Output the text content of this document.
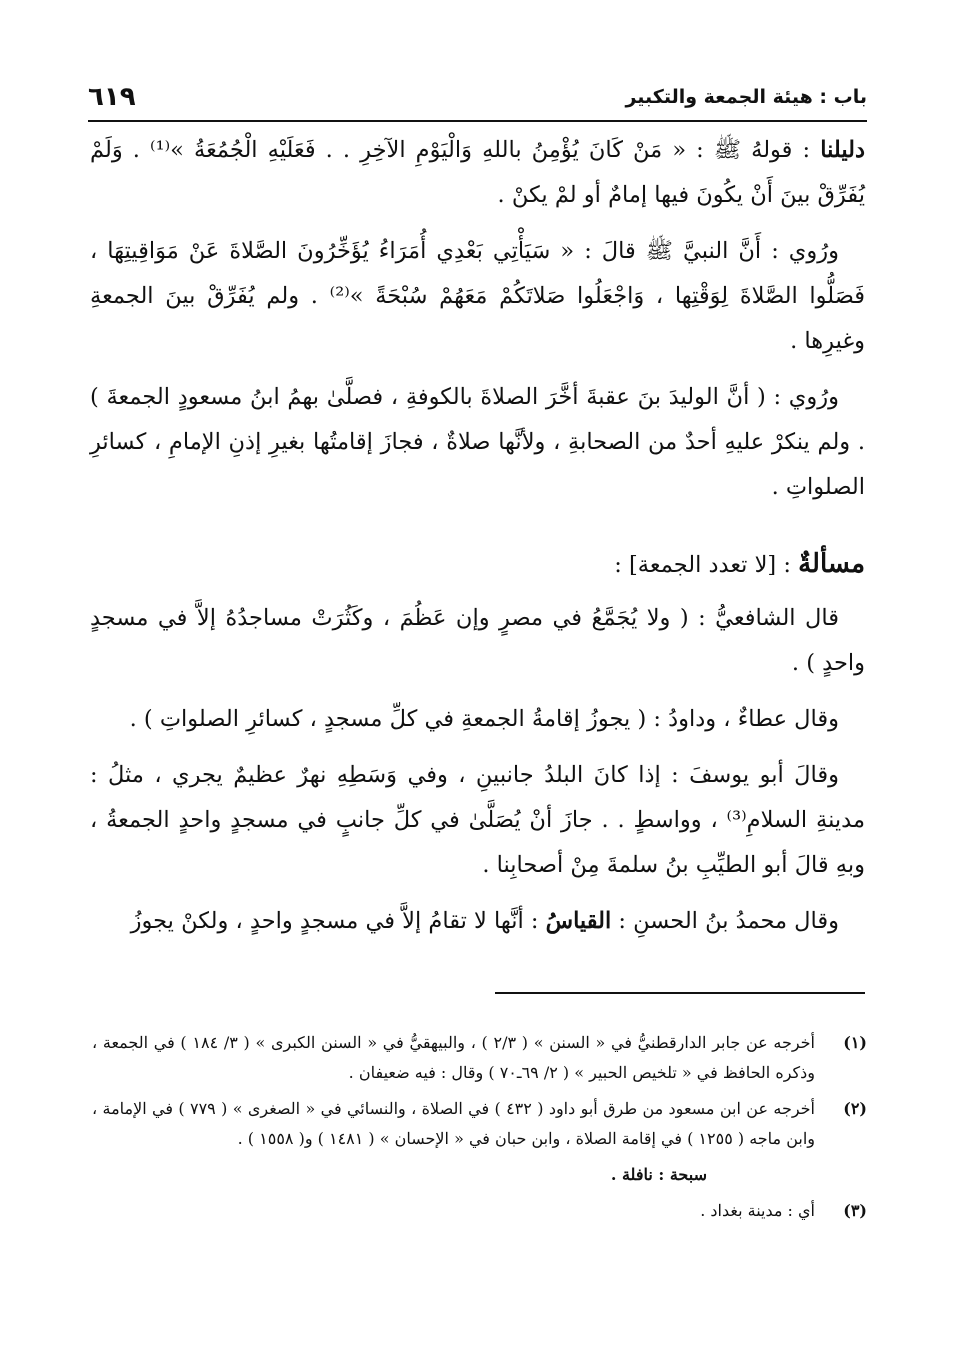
باب : هيئة الجمعة والتكبير
٦١٩

دليلنا : قولهُ ﷺ : « مَنْ كَانَ يُؤْمِنُ باللهِ وَالْيَوْمِ الآخِرِ . . فَعَلَيْهِ الْجُمُعَةُ »⁽¹⁾ . وَلَمْ يُفَرِّقْ بينَ أَنْ يكُونَ فيها إمامٌ أو لمْ يكنْ .

ورُوي : أَنَّ النبيَّ ﷺ قالَ : « سَيَأْتِي بَعْدِي أُمَرَاءُ يُؤَخِّرُونَ الصَّلاةَ عَنْ مَوَاقِيتِهَا ، فَصَلُّوا الصَّلاةَ لِوَقْتِها ، وَاجْعَلُوا صَلاتَكُمْ مَعَهُمْ سُبْحَةً »⁽²⁾ . ولم يُفَرِّقْ بينَ الجمعةِ وغيرِها .

ورُوي : ( أنَّ الوليدَ بنَ عقبةَ أخَّرَ الصلاةَ بالكوفةِ ، فصلَّىٰ بهمُ ابنُ مسعودٍ الجمعةَ ) . ولم ينكرْ عليهِ أحدٌ من الصحابةِ ، ولأنَّها صلاةٌ ، فجازَ إقامتُها بغيرِ إذنِ الإمامِ ، كسائرِ الصلواتِ .

مسألةٌ : [لا تعدد الجمعة] :

قال الشافعيُّ : ( ولا يُجَمَّعُ في مصرٍ وإن عَظُمَ ، وكَثُرَتْ مساجدُهُ إلاَّ في مسجدٍ واحدٍ ) .

وقال عطاءٌ ، وداودُ : ( يجوزُ إقامةُ الجمعةِ في كلِّ مسجدٍ ، كسائرِ الصلواتِ ) .

وقالَ أبو يوسفَ : إذا كانَ البلدُ جانبينِ ، وفي وَسَطِهِ نهرٌ عظيمٌ يجري ، مثلُ : مدينةِ السلامِ⁽³⁾ ، وواسطٍ . . جازَ أنْ يُصَلَّىٰ في كلِّ جانبٍ في مسجدٍ واحدٍ الجمعةُ ، وبهِ قالَ أبو الطيِّبِ بنُ سلمةَ مِنْ أصحابِنا .

وقال محمدُ بنُ الحسنِ : القياسُ : أنَّها لا تقامُ إلاَّ في مسجدٍ واحدٍ ، ولكنْ يجوزُ

(١)
أخرجه عن جابر الدارقطنيُّ في « السنن » ( ٢/٣ ) ، والبيهقيُّ في « السنن الكبرى » ( ٣/ ١٨٤ ) في الجمعة ، وذكره الحافظ في « تلخيص الحبير » ( ٢/ ٦٩ـ٧٠ ) وقال : فيه ضعيفان .
(٢)
أخرجه عن ابن مسعود من طرق أبو داود ( ٤٣٢ ) في الصلاة ، والنسائي في « الصغرى » ( ٧٧٩ ) في الإمامة ، وابن ماجه ( ١٢٥٥ ) في إقامة الصلاة ، وابن حبان في « الإحسان » ( ١٤٨١ ) و( ١٥٥٨ ) .

سبحة : نافلة .

(٣)
أي : مدينة بغداد .
